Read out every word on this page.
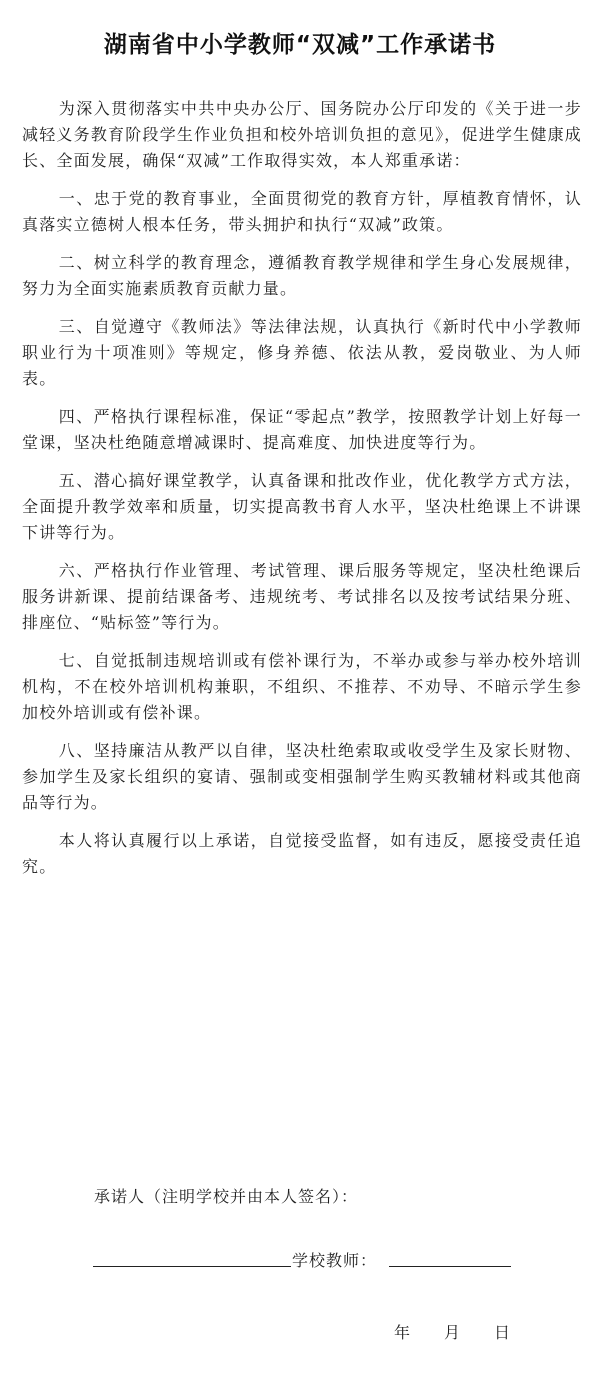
湖南省中小学教师“双减”工作承诺书

为深入贯彻落实中共中央办公厅、国务院办公厅印发的《关于进一步减轻义务教育阶段学生作业负担和校外培训负担的意见》，促进学生健康成长、全面发展，确保“双减”工作取得实效，本人郑重承诺：

一、忠于党的教育事业，全面贯彻党的教育方针，厚植教育情怀，认真落实立德树人根本任务，带头拥护和执行“双减”政策。

二、树立科学的教育理念，遵循教育教学规律和学生身心发展规律，努力为全面实施素质教育贡献力量。

三、自觉遵守《教师法》等法律法规，认真执行《新时代中小学教师职业行为十项准则》等规定，修身养德、依法从教，爱岗敬业、为人师表。

四、严格执行课程标准，保证“零起点”教学，按照教学计划上好每一堂课，坚决杜绝随意增减课时、提高难度、加快进度等行为。

五、潜心搞好课堂教学，认真备课和批改作业，优化教学方式方法，全面提升教学效率和质量，切实提高教书育人水平，坚决杜绝课上不讲课下讲等行为。

六、严格执行作业管理、考试管理、课后服务等规定，坚决杜绝课后服务讲新课、提前结课备考、违规统考、考试排名以及按考试结果分班、排座位、“贴标签”等行为。

七、自觉抵制违规培训或有偿补课行为，不举办或参与举办校外培训机构，不在校外培训机构兼职，不组织、不推荐、不劝导、不暗示学生参加校外培训或有偿补课。

八、坚持廉洁从教严以自律，坚决杜绝索取或收受学生及家长财物、参加学生及家长组织的宴请、强制或变相强制学生购买教辅材料或其他商品等行为。

本人将认真履行以上承诺，自觉接受监督，如有违反，愿接受责任追究。

承诺人（注明学校并由本人签名）：
学校教师：
年 月 日
